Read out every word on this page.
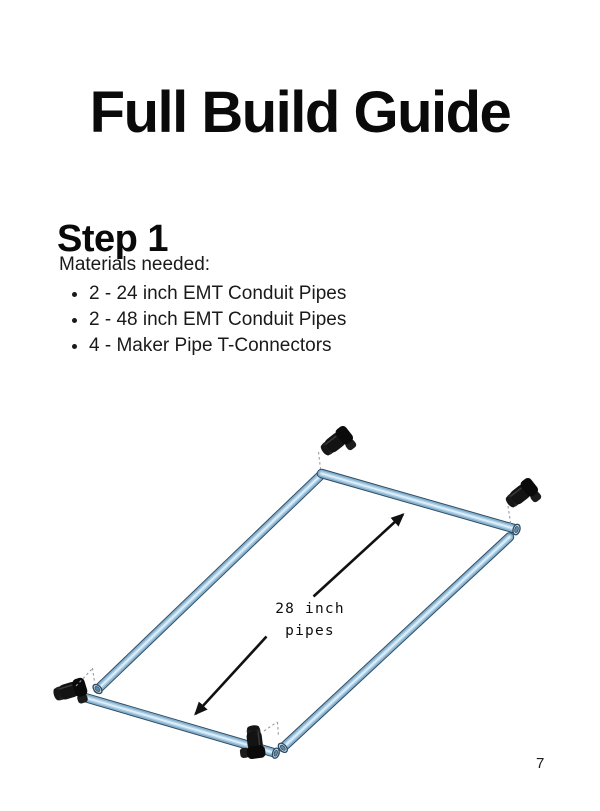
Full Build Guide
Step 1
Materials needed:
• 2 - 24 inch EMT Conduit Pipes
• 2 - 48 inch EMT Conduit Pipes
• 4 - Maker Pipe T-Connectors
28 inch
pipes
7
